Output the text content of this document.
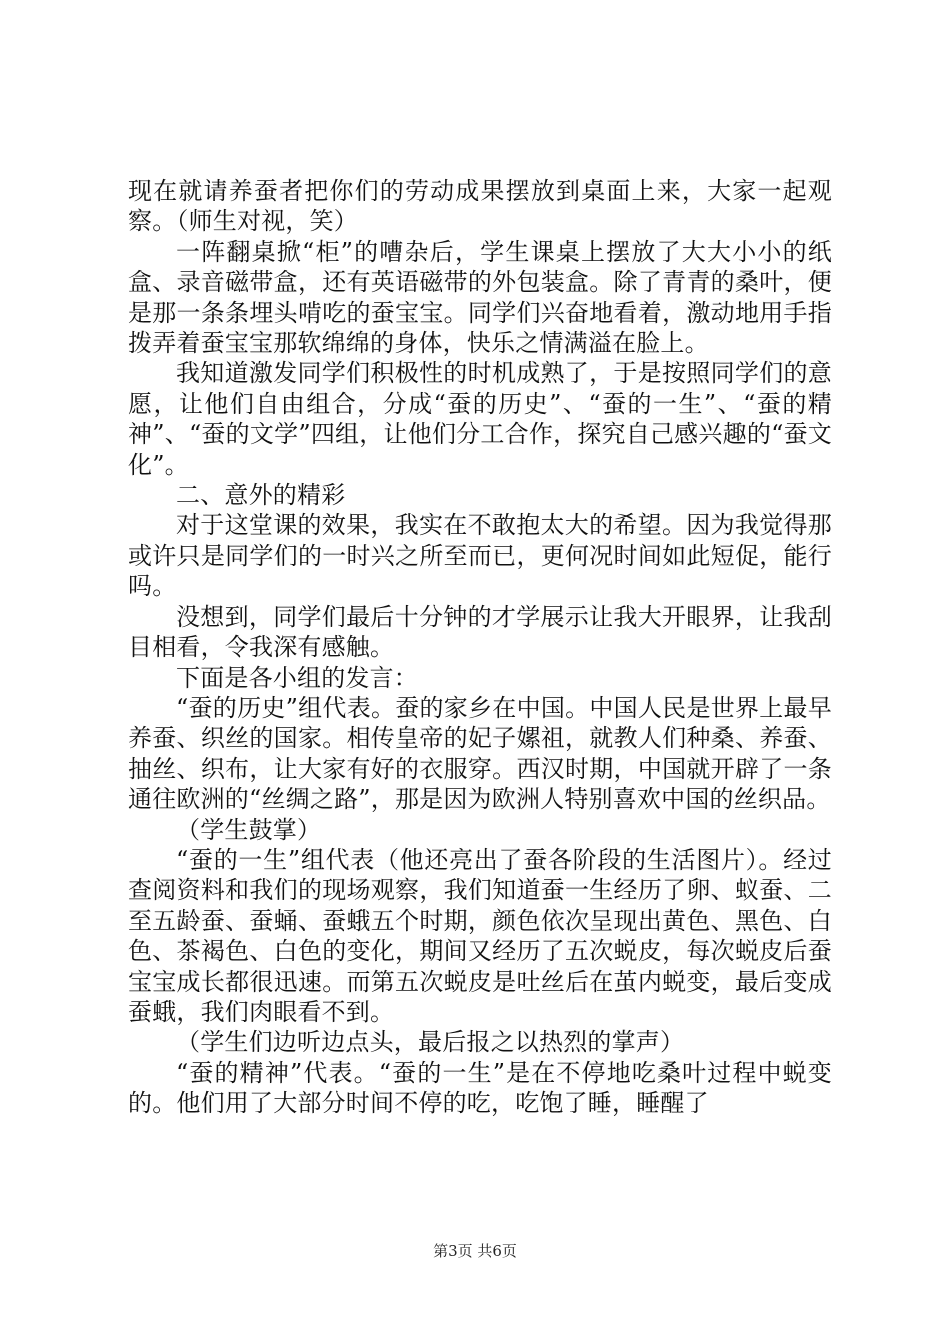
现在就请养蚕者把你们的劳动成果摆放到桌面上来，大家一起观察。（师生对视，笑）

一阵翻桌掀“柜”的嘈杂后，学生课桌上摆放了大大小小的纸盒、录音磁带盒，还有英语磁带的外包装盒。除了青青的桑叶，便是那一条条埋头啃吃的蚕宝宝。同学们兴奋地看着，激动地用手指拨弄着蚕宝宝那软绵绵的身体，快乐之情满溢在脸上。

我知道激发同学们积极性的时机成熟了，于是按照同学们的意愿，让他们自由组合，分成“蚕的历史”、“蚕的一生”、“蚕的精神”、“蚕的文学”四组，让他们分工合作，探究自己感兴趣的“蚕文化”。

二、意外的精彩

对于这堂课的效果，我实在不敢抱太大的希望。因为我觉得那或许只是同学们的一时兴之所至而已，更何况时间如此短促，能行吗。

没想到，同学们最后十分钟的才学展示让我大开眼界，让我刮目相看，令我深有感触。

下面是各小组的发言：

“蚕的历史”组代表。蚕的家乡在中国。中国人民是世界上最早养蚕、织丝的国家。相传皇帝的妃子嫘祖，就教人们种桑、养蚕、抽丝、织布，让大家有好的衣服穿。西汉时期，中国就开辟了一条通往欧洲的“丝绸之路”，那是因为欧洲人特别喜欢中国的丝织品。

（学生鼓掌）

“蚕的一生”组代表（他还亮出了蚕各阶段的生活图片）。经过查阅资料和我们的现场观察，我们知道蚕一生经历了卵、蚁蚕、二至五龄蚕、蚕蛹、蚕蛾五个时期，颜色依次呈现出黄色、黑色、白色、茶褐色、白色的变化，期间又经历了五次蜕皮，每次蜕皮后蚕宝宝成长都很迅速。而第五次蜕皮是吐丝后在茧内蜕变，最后变成蚕蛾，我们肉眼看不到。

（学生们边听边点头，最后报之以热烈的掌声）

“蚕的精神”代表。“蚕的一生”是在不停地吃桑叶过程中蜕变的。他们用了大部分时间不停的吃，吃饱了睡，睡醒了

第3页 共6页
